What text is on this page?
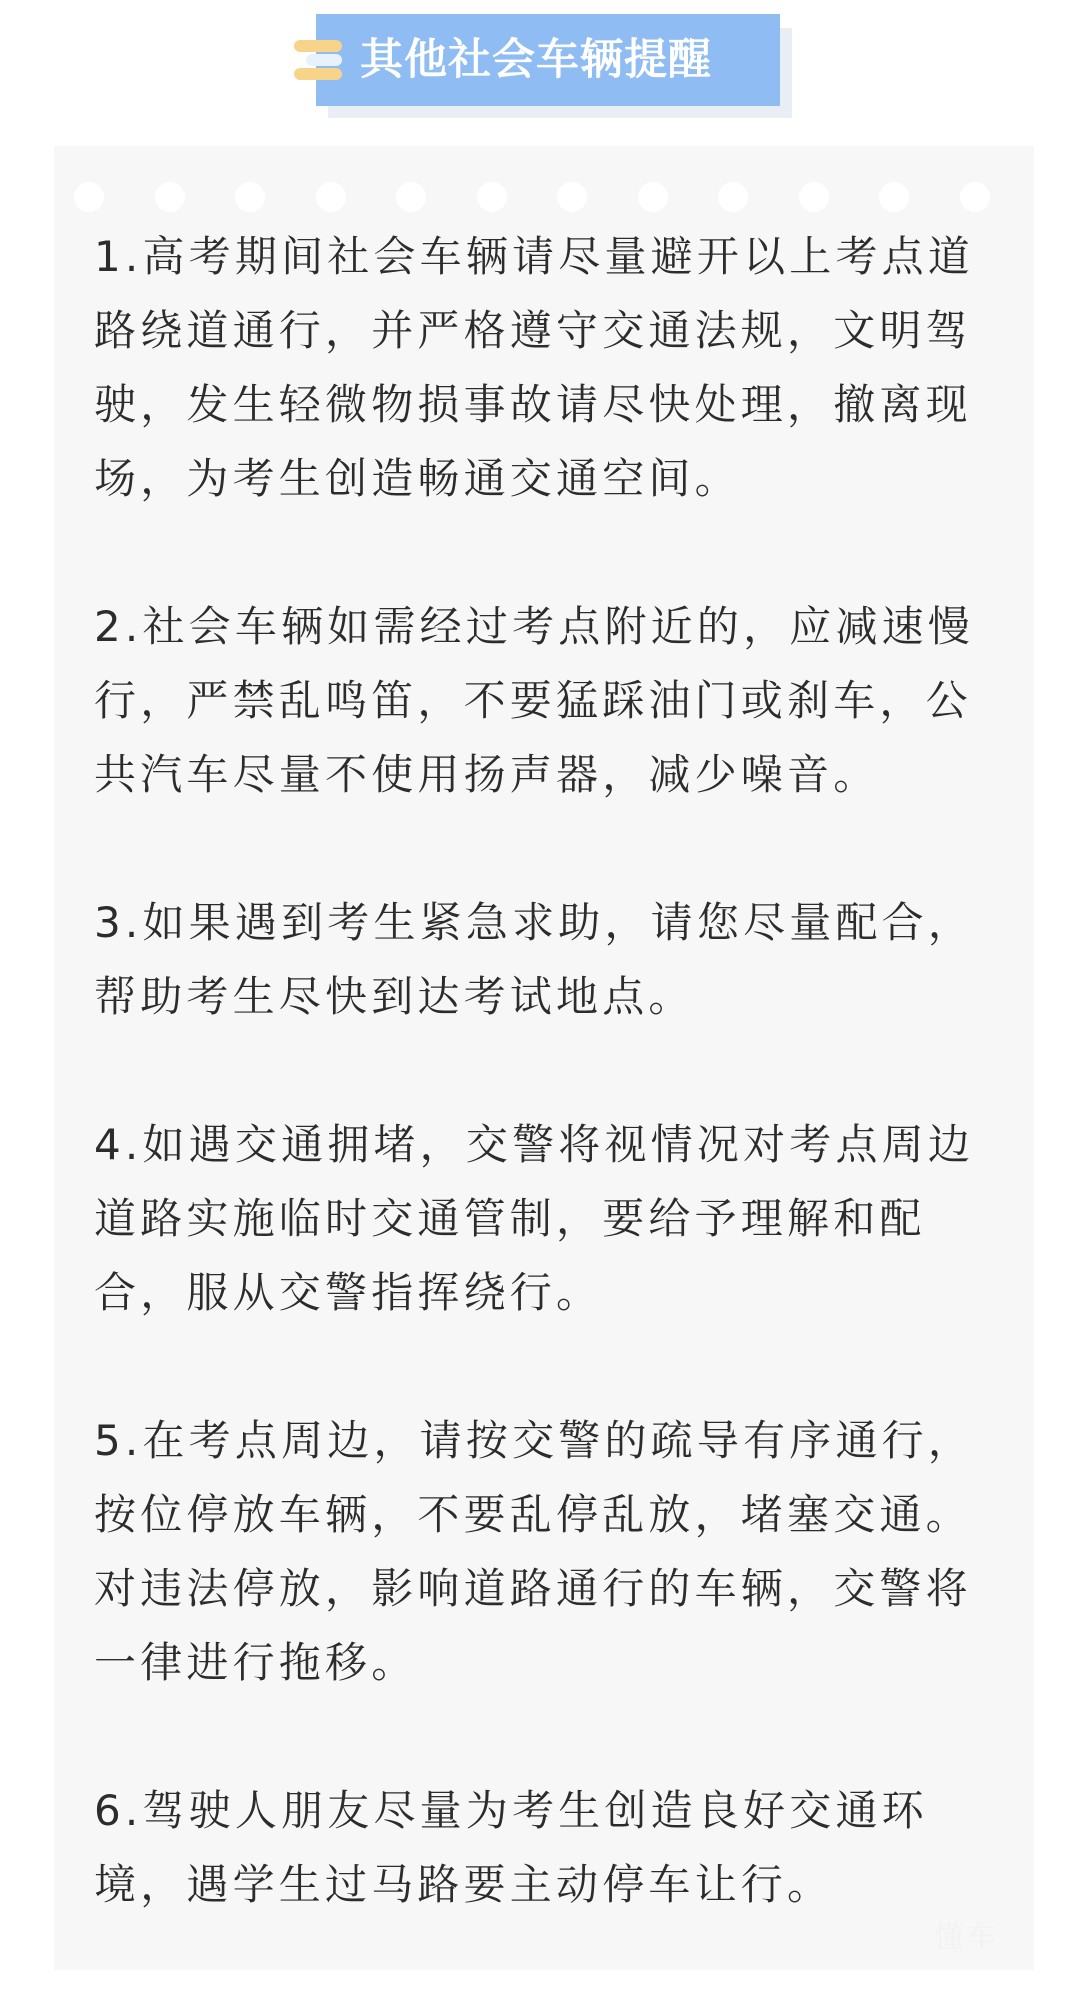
其他社会车辆提醒

1.高考期间社会车辆请尽量避开以上考点道
路绕道通行，并严格遵守交通法规，文明驾
驶，发生轻微物损事故请尽快处理，撤离现
场，为考生创造畅通交通空间。

2.社会车辆如需经过考点附近的，应减速慢
行，严禁乱鸣笛，不要猛踩油门或刹车，公
共汽车尽量不使用扬声器，减少噪音。

3.如果遇到考生紧急求助，请您尽量配合，
帮助考生尽快到达考试地点。

4.如遇交通拥堵，交警将视情况对考点周边
道路实施临时交通管制，要给予理解和配
合，服从交警指挥绕行。

5.在考点周边，请按交警的疏导有序通行，
按位停放车辆，不要乱停乱放，堵塞交通。
对违法停放，影响道路通行的车辆，交警将
一律进行拖移。

6.驾驶人朋友尽量为考生创造良好交通环
境，遇学生过马路要主动停车让行。

懂车
